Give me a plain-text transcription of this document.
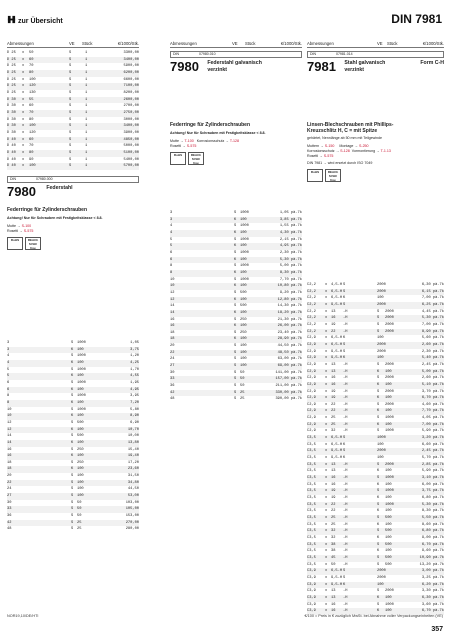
zur Übersicht	DIN 7981
Abmessungen	VE Stück	€/1000/Stk.	Abmessungen	VE Stück	€/1000/Stk. Abmessungen	VE Stück	€/1000/Stk.
D 25 x 50	S	1	3300,00
D 25 x 60	S	1	3400,00
D 25 x 70	S	1	5900,00
D 25 x 80	S	1	6200,00
D 25 x 100	S	1	6600,00
D 25 x 120	S	1	7100,00
D 25 x 130	S	1	8200,00
D 30 x 55	S	1	2600,00
D 30 x 60	S	1	2700,00
D 30 x 70	S	1	2750,00
D 30 x 80	S	1	3000,00
D 30 x 100	S	1	3400,00
D 30 x 120	S	1	3900,00
D 40 x 60	S	1	4850,00
D 40 x 70	S	1	5000,00
D 40 x 80	S	1	5100,00
D 40 x 90	S	1	5400,00
D 40 x 100	S	1	5700,00
DIN	07980.000
7980 Federstahl
Federringe für Zylinderschrauben
Achtung! Nur für Schrauben mit Festigkeitsklasse < 8.8.
Mutte → S-100
Rosettl → S-575
RoHS	REACh SVHC free
3	S 1000	1,05
3	K 100	3,75
4	S 1000	1,20
4	K 100	4,25
5	S 1000	1,70
5	K 100	4,55
6	S 1000	1,95
6	K 100	4,95
8	S 1000	3,95
8	K 100	7,20
10	S 1000	5,80
10	K 100	8,90
12	S 500	6,90
12	K 100	10,70
14	S 500	10,00
14	K 100	13,80
16	S 250	15,40
16	K 100	19,40
18	S 250	17,20
18	K 100	23,60
20	S 100	31,50
22	S 100	34,80
24	S 100	44,50
27	S 100	53,00
30	S 50	103,00
33	S 50	105,00
36	S 50	153,00
42	S 25	270,00
48	S 25	280,00
DIN	07980.010
7980 Federstahl galvanisch verzinkt
Federringe für Zylinderschrauben
Achtung! Nur für Schrauben mit Festigkeitsklasse < 8.8.
Mutte → T-100 Korrosionsschutz → T-128
Rosettl → S-575
RoHS	REACh SVHC free
3	S 1000	1,05 pä.7k
3	K 100	3,85 pä.7k
4	S 1000	1,55 pä.7k
4	K 100	4,30 pä.7k
5	S 1000	2,15 pä.7k
5	K 100	4,95 pä.7k
6	S 1000	2,30 pä.7k
6	K 100	5,30 pä.7k
8	S 1000	5,00 pä.7k
8	K 100	8,30 pä.7k
10	S 1000	7,70 pä.7k
10	K 100	10,80 pä.7k
12	S 500	9,20 pä.7k
12	K 100	12,80 pä.7k
14	S 500	14,30 pä.7k
14	K 100	18,20 pä.7k
16	S 250	21,30 pä.7k
16	K 100	26,00 pä.7k
18	S 250	23,40 pä.7k
18	K 100	28,90 pä.7k
20	S 100	44,50 pä.7k
22	S 100	48,50 pä.7k
24	S 100	63,00 pä.7k
27	S 100	69,00 pä.7k
30	S 50	141,00 pä.7k
33	S 50	157,00 pä.7k
36	S 50	211,00 pä.7k
42	S 25	330,00 pä.7k
48	S 25	390,00 pä.7k
DIN	07981.014
7981 Stahl galvanisch verzinkt
Form C-H
Linsen-Blechschrauben mit Phillips-Kreuzschlitz H, C = mit Spitze
gehärtet, Nennlänge ab 50 mm mit Teilgewinde
Muttern → S-150 Montage → S-250
Korrosionsschutz → S-128 Vormontierung → T-1.13
Rosettl → S-575
DIN 7981 → wird ersetzt durch ISO 7049
RoHS	REACh SVHC free
C2,2 x 4,5-H S	2000	6,30 pä.7k
C2,2 x 6,5-H S	2000	6,15 pä.7k
C2,2 x 6,5-H K	100	7,00 pä.7k
C2,2 x 9,5-H S	2000	6,25 pä.7k
C2,2 x 13 -H	S 2000	4,45 pä.7k
C2,2 x 16 -H	S 2000	5,30 pä.7k
C2,2 x 19 -H	S 2000	7,00 pä.7k
C2,2 x 22 -H	S 2000	8,90 pä.7k
C2,9 x 6,5-H K	100	5,60 pä.7k
C2,9 x 6,5-H S	2000	2,60 pä.7k
C2,9 x 9,5-H S	2000	2,30 pä.7k
C2,9 x 9,5-H K	100	5,40 pä.7k
C2,9 x 13 -H	S 2000	2,45 pä.7k
C2,9 x 13 -H	K 100	5,00 pä.7k
C2,9 x 16 -H	S 2000	2,60 pä.7k
C2,9 x 16 -H	K 100	5,10 pä.7k
C2,9 x 19 -H	S 2000	3,70 pä.7k
C2,9 x 19 -H	K 100	6,70 pä.7k
C2,9 x 22 -H	S 2000	4,60 pä.7k
C2,9 x 22 -H	K 100	7,70 pä.7k
C2,9 x 25 -H	S 1000	4,05 pä.7k
C2,9 x 25 -H	K 100	7,00 pä.7k
C2,9 x 32 -H	S 1000	5,90 pä.7k
C3,5 x 6,5-H S	1000	3,20 pä.7k
C3,5 x 6,5-H K	100	6,60 pä.7k
C3,5 x 9,5-H S	2000	2,45 pä.7k
C3,5 x 9,5-H K	100	5,70 pä.7k
C3,5 x 13 -H	S 2000	2,85 pä.7k
C3,5 x 13 -H	K 100	5,90 pä.7k
C3,5 x 16 -H	S 1000	3,10 pä.7k
C3,5 x 16 -H	K 100	6,00 pä.7k
C3,5 x 19 -H	S 1000	3,75 pä.7k
C3,5 x 19 -H	K 100	6,80 pä.7k
C3,5 x 22 -H	S 1000	5,30 pä.7k
C3,5 x 22 -H	K 100	8,30 pä.7k
C3,5 x 25 -H	S 500	5,50 pä.7k
C3,5 x 25 -H	K 100	8,60 pä.7k
C3,5 x 32 -H	S 500	6,80 pä.7k
C3,5 x 32 -H	K 100	9,00 pä.7k
C3,5 x 38 -H	S 500	6,70 pä.7k
C3,5 x 38 -H	K 100	9,60 pä.7k
C3,5 x 45 -H	S 500	10,90 pä.7k
C3,5 x 50 -H	S 500	13,20 pä.7k
C3,9 x 6,5-H S	2000	3,00 pä.7k
C3,9 x 9,5-H S	2000	3,25 pä.7k
C3,9 x 9,5-H K	100	6,20 pä.7k
C3,9 x 13 -H	S 2000	3,30 pä.7k
C3,9 x 13 -H	K 100	6,30 pä.7k
C3,9 x 16 -H	S 1000	3,60 pä.7k
C3,9 x 16 -H	K 100	6,70 pä.7k
NOR19,10/DE/HTI	€/100 = Preis in € zuzüglich MwSt. bei Abnahme voller Verpackungseinheiten (VE)
357
